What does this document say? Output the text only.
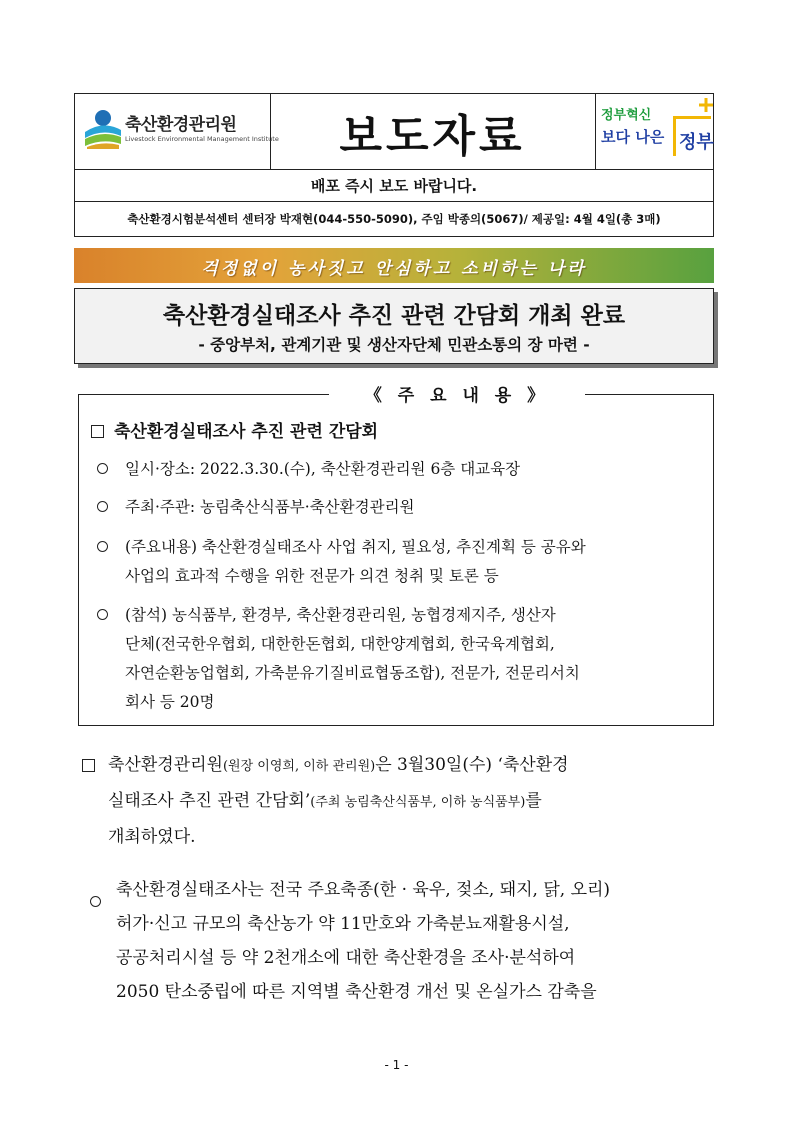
축산환경관리원
Livestock Environmental Management Institute	보도자료	정부혁신
보다 나은 정부
배포 즉시 보도 바랍니다.
축산환경시험분석센터 센터장 박재현(044-550-5090), 주임 박종의(5067)/ 제공일: 4월 4일(총 3매)
걱정없이 농사짓고 안심하고 소비하는 나라
축산환경실태조사 추진 관련 간담회 개최 완료
- 중앙부처, 관계기관 및 생산자단체 민관소통의 장 마련 -
《 주 요 내 용 》
축산환경실태조사 추진 관련 간담회
일시·장소: 2022.3.30.(수), 축산환경관리원 6층 대교육장
주최·주관: 농림축산식품부·축산환경관리원
(주요내용) 축산환경실태조사 사업 취지, 필요성, 추진계획 등 공유와
사업의 효과적 수행을 위한 전문가 의견 청취 및 토론 등
(참석) 농식품부, 환경부, 축산환경관리원, 농협경제지주, 생산자
단체(전국한우협회, 대한한돈협회, 대한양계협회, 한국육계협회,
자연순환농업협회, 가축분유기질비료협동조합), 전문가, 전문리서치
회사 등 20명
축산환경관리원(원장 이영희, 이하 관리원)은 3월30일(수) ‘축산환경
실태조사 추진 관련 간담회’(주최 농림축산식품부, 이하 농식품부)를
개최하였다.
축산환경실태조사는 전국 주요축종(한 · 육우, 젖소, 돼지, 닭, 오리)
허가·신고 규모의 축산농가 약 11만호와 가축분뇨재활용시설,
공공처리시설 등 약 2천개소에 대한 축산환경을 조사·분석하여
2050 탄소중립에 따른 지역별 축산환경 개선 및 온실가스 감축을
- 1 -
